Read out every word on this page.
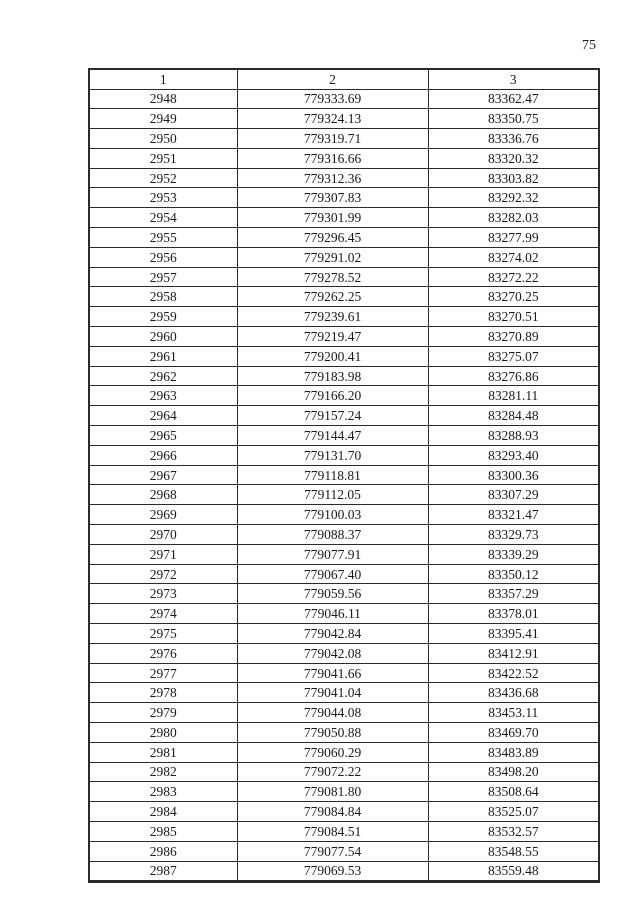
75
1	2	3
2948	779333.69	83362.47
2949	779324.13	83350.75
2950	779319.71	83336.76
2951	779316.66	83320.32
2952	779312.36	83303.82
2953	779307.83	83292.32
2954	779301.99	83282.03
2955	779296.45	83277.99
2956	779291.02	83274.02
2957	779278.52	83272.22
2958	779262.25	83270.25
2959	779239.61	83270.51
2960	779219.47	83270.89
2961	779200.41	83275.07
2962	779183.98	83276.86
2963	779166.20	83281.11
2964	779157.24	83284.48
2965	779144.47	83288.93
2966	779131.70	83293.40
2967	779118.81	83300.36
2968	779112.05	83307.29
2969	779100.03	83321.47
2970	779088.37	83329.73
2971	779077.91	83339.29
2972	779067.40	83350.12
2973	779059.56	83357.29
2974	779046.11	83378.01
2975	779042.84	83395.41
2976	779042.08	83412.91
2977	779041.66	83422.52
2978	779041.04	83436.68
2979	779044.08	83453.11
2980	779050.88	83469.70
2981	779060.29	83483.89
2982	779072.22	83498.20
2983	779081.80	83508.64
2984	779084.84	83525.07
2985	779084.51	83532.57
2986	779077.54	83548.55
2987	779069.53	83559.48
